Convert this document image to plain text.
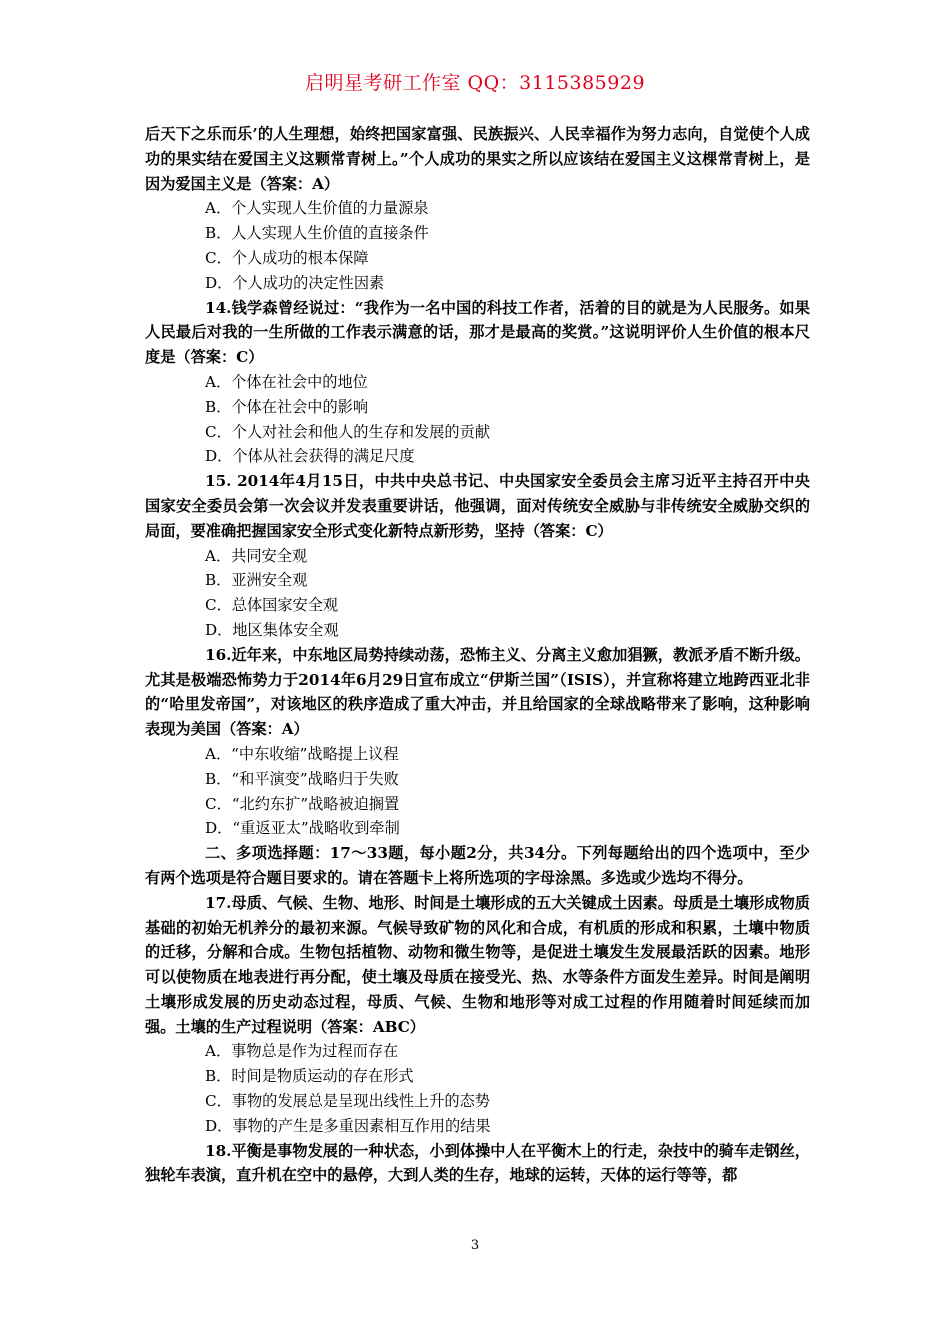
启明星考研工作室 QQ：3115385929

后天下之乐而乐’的人生理想，始终把国家富强、民族振兴、人民幸福作为努力志向，自觉使个人成功的果实结在爱国主义这颗常青树上。”个人成功的果实之所以应该结在爱国主义这棵常青树上，是因为爱国主义是（答案：A）

A．个人实现人生价值的力量源泉

B．人人实现人生价值的直接条件

C．个人成功的根本保障

D．个人成功的决定性因素

14.钱学森曾经说过：“我作为一名中国的科技工作者，活着的目的就是为人民服务。如果人民最后对我的一生所做的工作表示满意的话，那才是最高的奖赏。”这说明评价人生价值的根本尺度是（答案：C）

A．个体在社会中的地位

B．个体在社会中的影响

C．个人对社会和他人的生存和发展的贡献

D．个体从社会获得的满足尺度

15. 2014年4月15日，中共中央总书记、中央国家安全委员会主席习近平主持召开中央国家安全委员会第一次会议并发表重要讲话，他强调，面对传统安全威胁与非传统安全威胁交织的局面，要准确把握国家安全形式变化新特点新形势，坚持（答案：C）

A．共同安全观

B．亚洲安全观

C．总体国家安全观

D．地区集体安全观

16.近年来，中东地区局势持续动荡，恐怖主义、分离主义愈加猖獗，教派矛盾不断升级。尤其是极端恐怖势力于2014年6月29日宣布成立“伊斯兰国”（ISIS），并宣称将建立地跨西亚北非的“哈里发帝国”，对该地区的秩序造成了重大冲击，并且给国家的全球战略带来了影响，这种影响表现为美国（答案：A）

A．“中东收缩”战略提上议程

B．“和平演变”战略归于失败

C．“北约东扩”战略被迫搁置

D．“重返亚太”战略收到牵制

二、多项选择题：17～33题，每小题2分，共34分。下列每题给出的四个选项中，至少有两个选项是符合题目要求的。请在答题卡上将所选项的字母涂黑。多选或少选均不得分。

17.母质、气候、生物、地形、时间是土壤形成的五大关键成土因素。母质是土壤形成物质基础的初始无机养分的最初来源。气候导致矿物的风化和合成，有机质的形成和积累，土壤中物质的迁移，分解和合成。生物包括植物、动物和微生物等，是促进土壤发生发展最活跃的因素。地形可以使物质在地表进行再分配，使土壤及母质在接受光、热、水等条件方面发生差异。时间是阐明土壤形成发展的历史动态过程，母质、气候、生物和地形等对成工过程的作用随着时间延续而加强。土壤的生产过程说明（答案：ABC）

A．事物总是作为过程而存在

B．时间是物质运动的存在形式

C．事物的发展总是呈现出线性上升的态势

D．事物的产生是多重因素相互作用的结果

18.平衡是事物发展的一种状态，小到体操中人在平衡木上的行走，杂技中的骑车走钢丝，独轮车表演，直升机在空中的悬停，大到人类的生存，地球的运转，天体的运行等等，都

3
